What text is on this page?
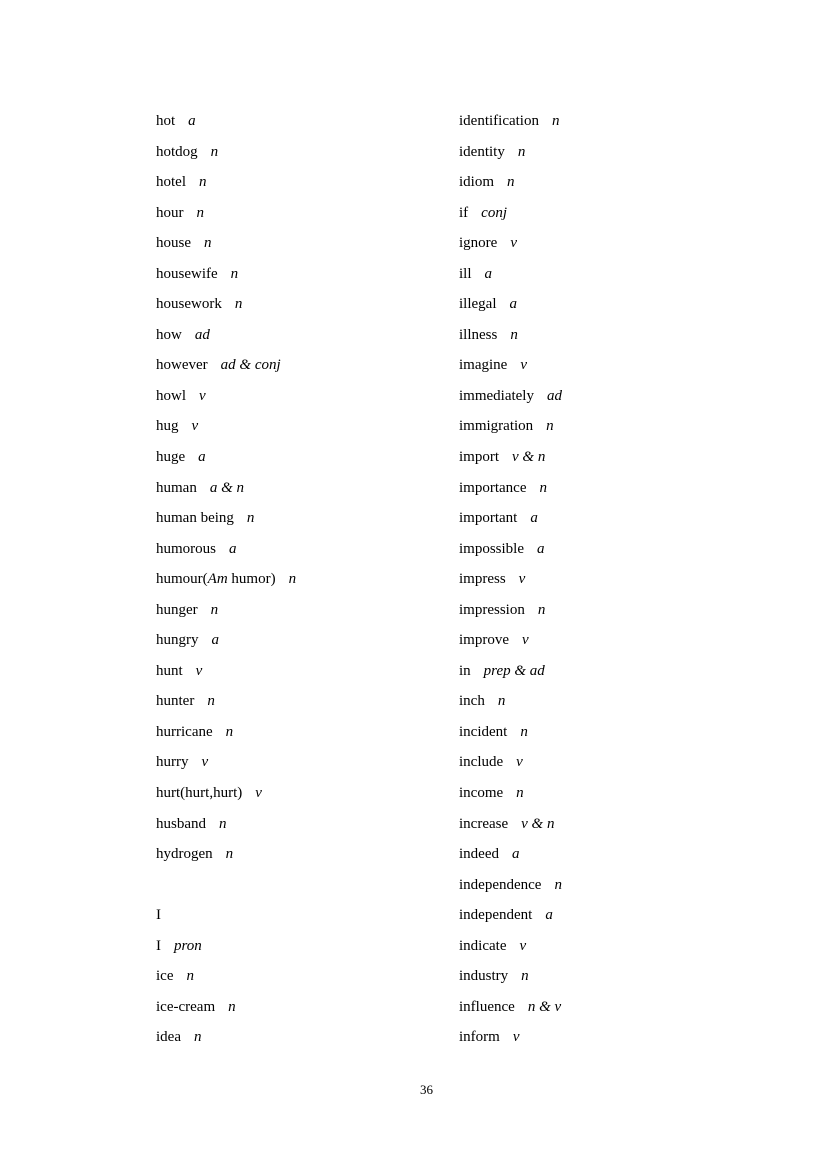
hot a
hotdog n
hotel n
hour n
house n
housewife n
housework n
how ad
however ad & conj
howl v
hug v
huge a
human a & n
human being n
humorous a
humour(Am humor) n
hunger n
hungry a
hunt v
hunter n
hurricane n
hurry v
hurt(hurt,hurt) v
husband n
hydrogen n
I
I pron
ice n
ice-cream n
idea n
identification n
identity n
idiom n
if conj
ignore v
ill a
illegal a
illness n
imagine v
immediately ad
immigration n
import v & n
importance n
important a
impossible a
impress v
impression n
improve v
in prep & ad
inch n
incident n
include v
income n
increase v & n
indeed a
independence n
independent a
indicate v
industry n
influence n & v
inform v
36
